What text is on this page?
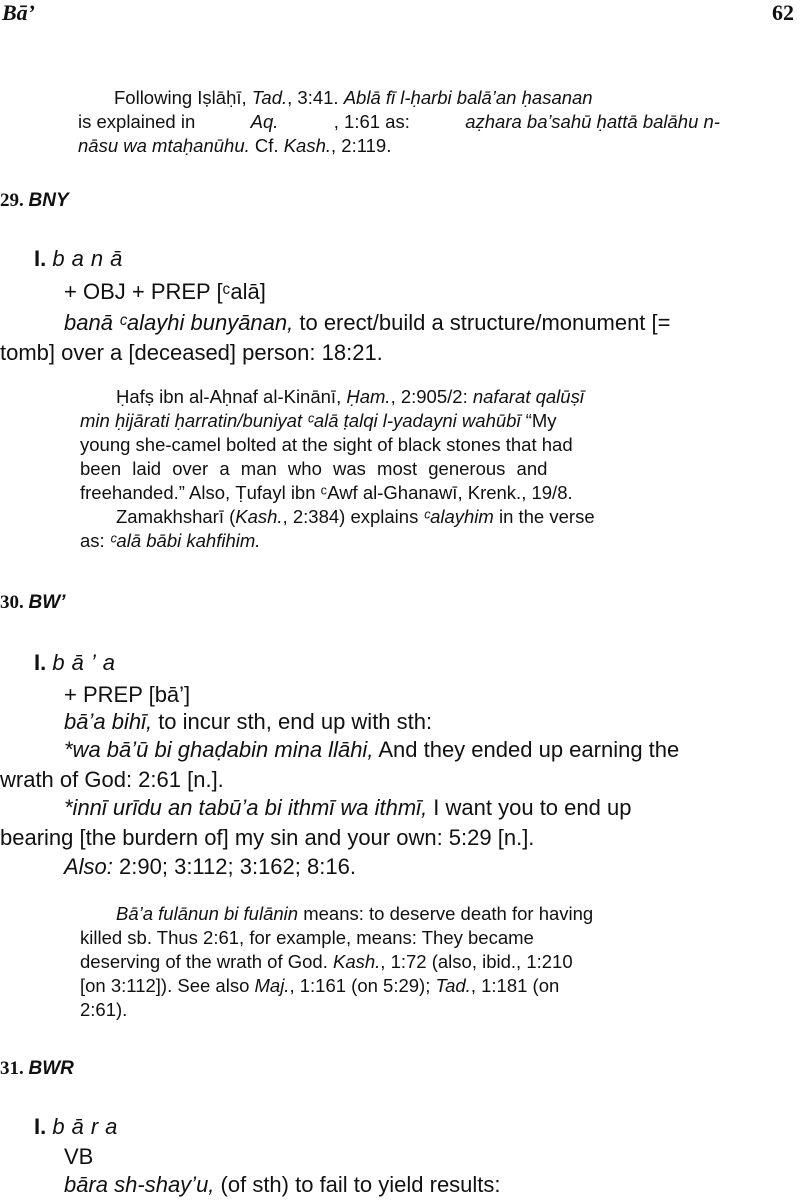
Bā’	62
Following Iṣlāḥī, Tad., 3:41. Ablā fī l-ḥarbi balā’an ḥasanan
is explained in	Aq.	, 1:61 as:	aẓhara ba’sahū ḥattā balāhu n-
nāsu wa mtaḥanūhu. Cf. Kash., 2:119.
29. BNY
I. banā
+ OBJ + PREP [ᶜalā]
banā ᶜalayhi bunyānan, to erect/build a structure/monument [=
tomb] over a [deceased] person: 18:21.
Ḥafṣ ibn al-Aḥnaf al-Kinānī, Ḥam., 2:905/2: nafarat qalūṣī
min ḥijārati ḥarratin/buniyat ᶜalā ṭalqi l-yadayni wahūbī “My
young she-camel bolted at the sight of black stones that had
been laid over a man who was most generous and
freehanded.” Also, Ṭufayl ibn ᶜAwf al-Ghanawī, Krenk., 19/8.
Zamakhsharī (Kash., 2:384) explains ᶜalayhim in the verse
as: ᶜalā bābi kahfihim.
30. BW’
I. bā’a
+ PREP [bā’]
bā’a bihī, to incur sth, end up with sth:
*wa bā’ū bi ghaḍabin mina llāhi, And they ended up earning the
wrath of God: 2:61 [n.].
*innī urīdu an tabū’a bi ithmī wa ithmī, I want you to end up
bearing [the burdern of] my sin and your own: 5:29 [n.].
Also: 2:90; 3:112; 3:162; 8:16.
Bā’a fulānun bi fulānin means: to deserve death for having
killed sb. Thus 2:61, for example, means: They became
deserving of the wrath of God. Kash., 1:72 (also, ibid., 1:210
[on 3:112]). See also Maj., 1:161 (on 5:29); Tad., 1:181 (on
2:61).
31. BWR
I. bāra
VB
bāra sh-shay’u, (of sth) to fail to yield results:
